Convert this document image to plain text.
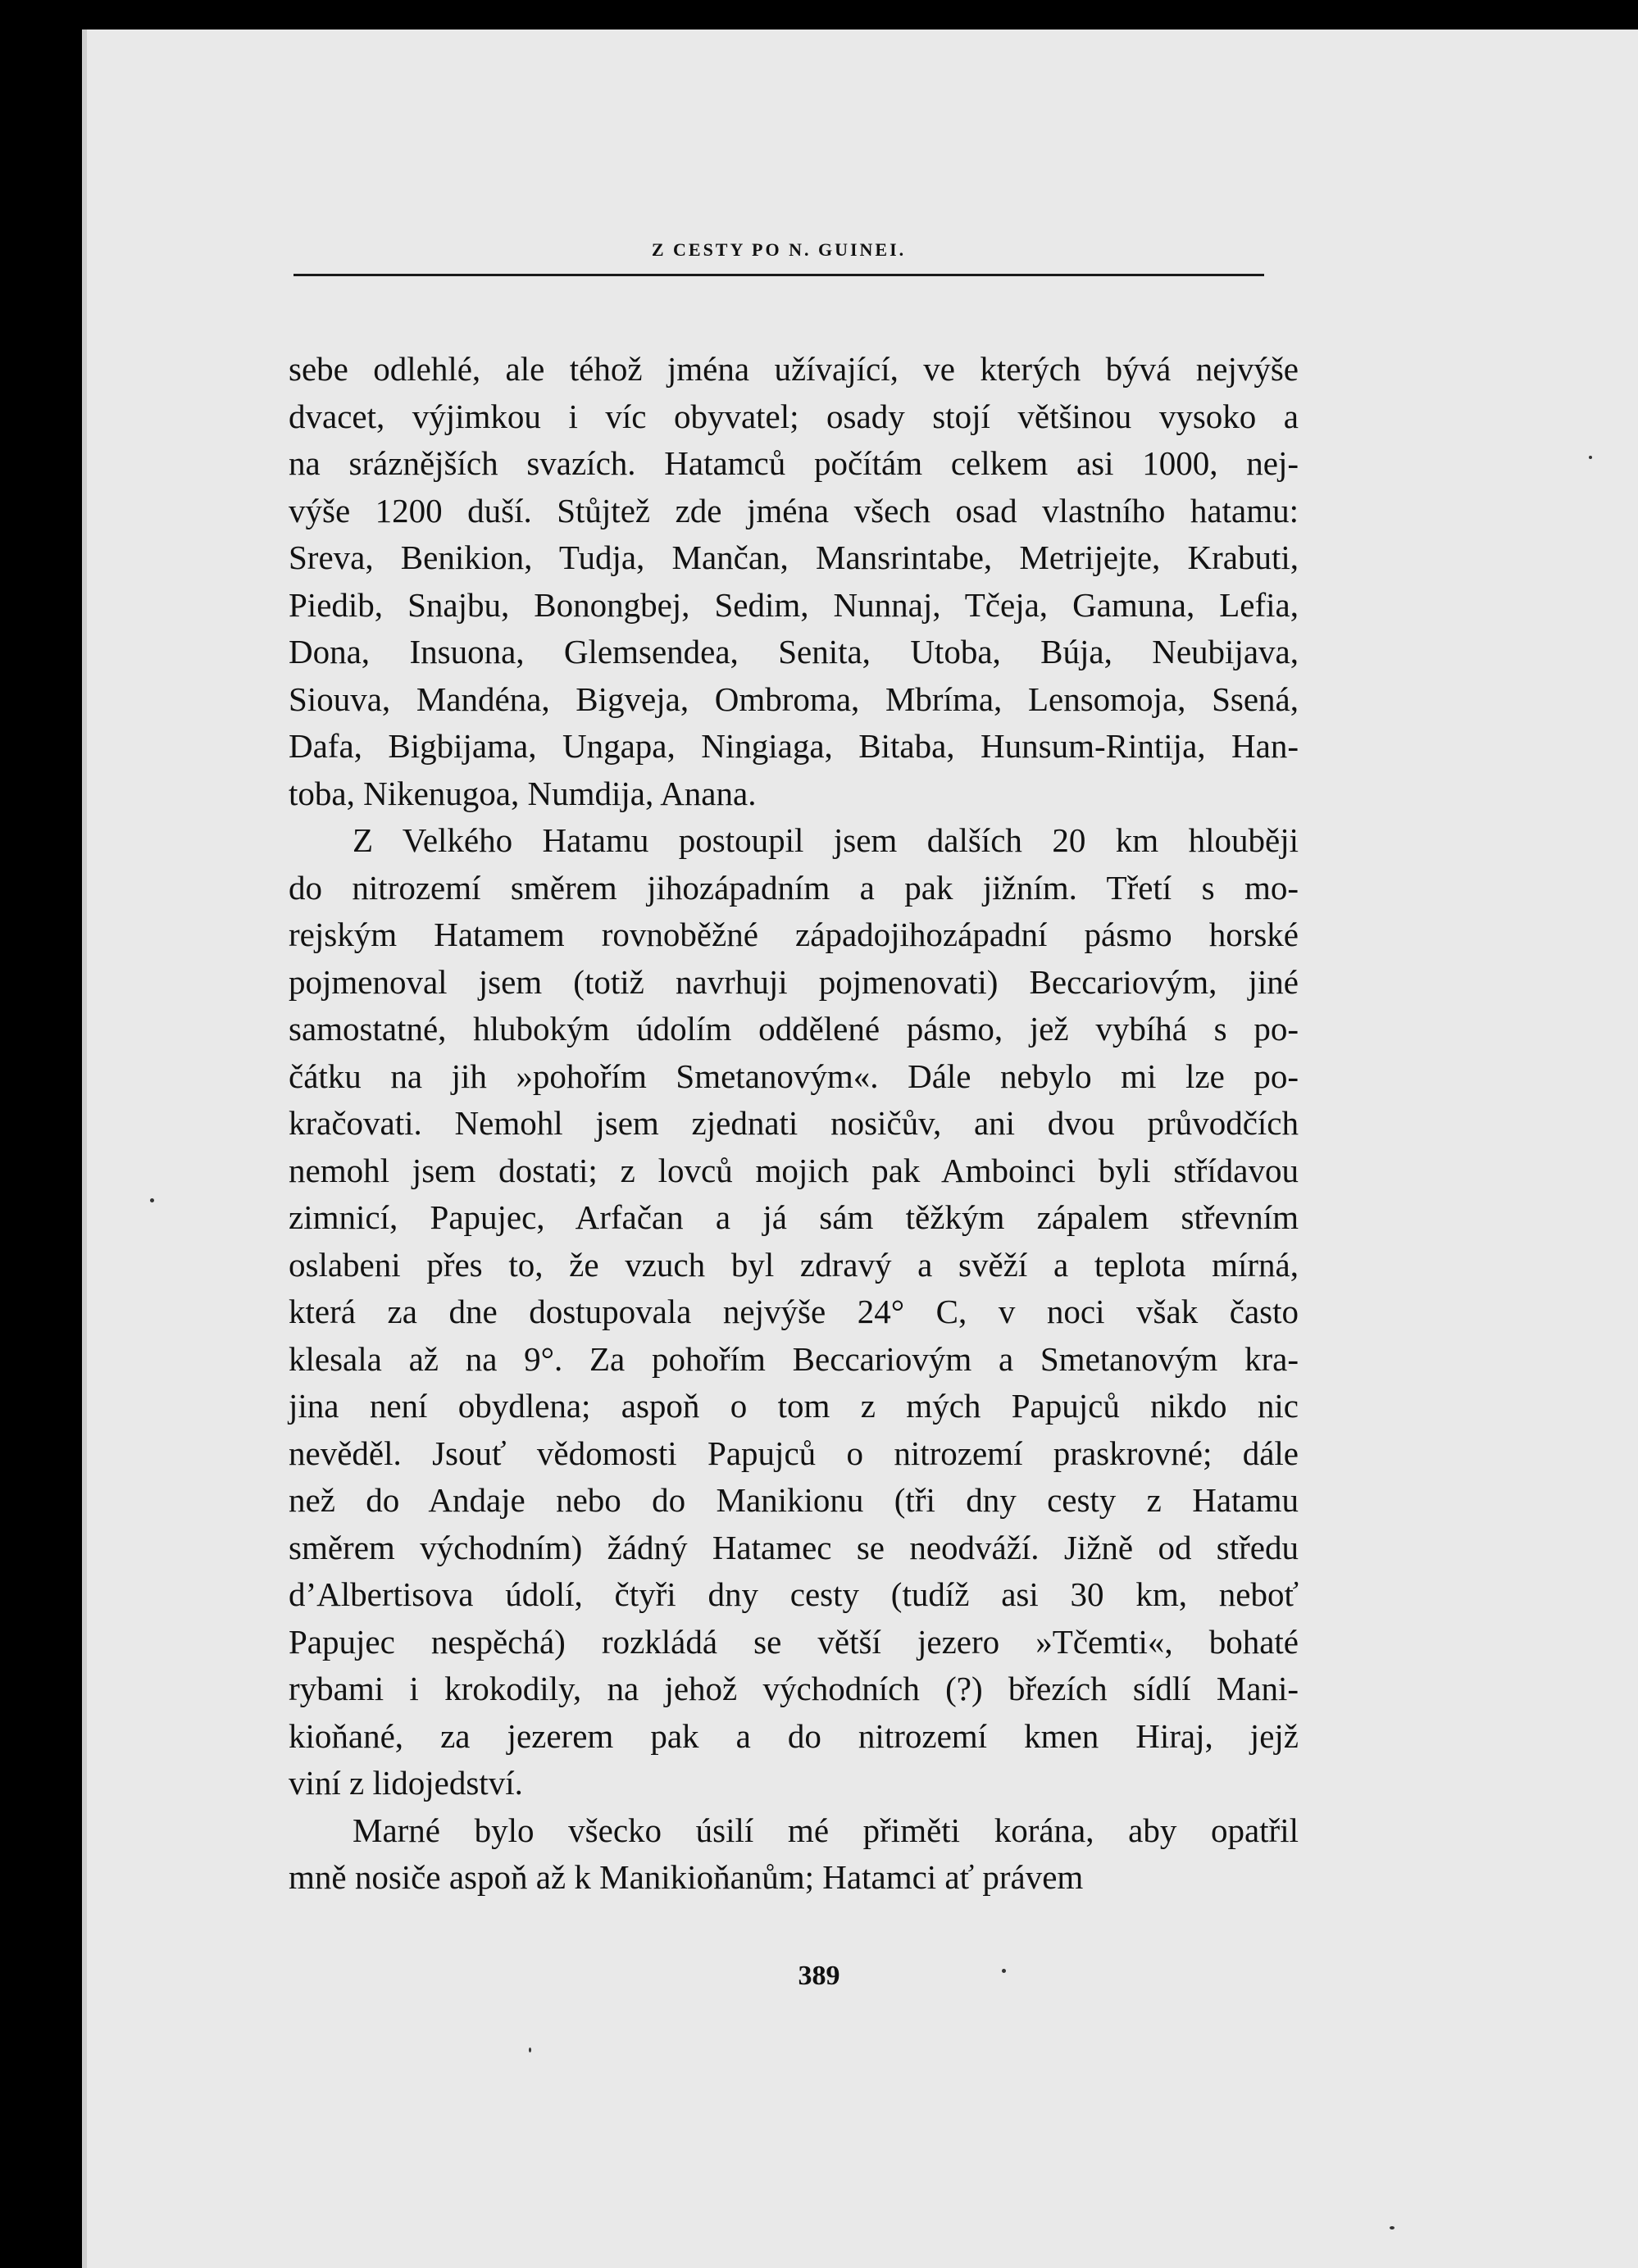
Z CESTY PO N. GUINEI.
sebe odlehlé, ale téhož jména užívající, ve kterých bývá nejvýše
dvacet, výjimkou i víc obyvatel; osady stojí většinou vysoko a
na sráznějších svazích. Hatamců počítám celkem asi 1000, nej-
výše 1200 duší. Stůjtež zde jména všech osad vlastního hatamu:
Sreva, Benikion, Tudja, Mančan, Mansrintabe, Metrijejte, Krabuti,
Piedib, Snajbu, Bonongbej, Sedim, Nunnaj, Tčeja, Gamuna, Lefia,
Dona, Insuona, Glemsendea, Senita, Utoba, Búja, Neubijava,
Siouva, Mandéna, Bigveja, Ombroma, Mbríma, Lensomoja, Ssená,
Dafa, Bigbijama, Ungapa, Ningiaga, Bitaba, Hunsum-Rintija, Han-
toba, Nikenugoa, Numdija, Anana.
Z Velkého Hatamu postoupil jsem dalších 20 km hlouběji
do nitrozemí směrem jihozápadním a pak jižním. Třetí s mo-
rejským Hatamem rovnoběžné západojihozápadní pásmo horské
pojmenoval jsem (totiž navrhuji pojmenovati) Beccariovým, jiné
samostatné, hlubokým údolím oddělené pásmo, jež vybíhá s po-
čátku na jih »pohořím Smetanovým«. Dále nebylo mi lze po-
kračovati. Nemohl jsem zjednati nosičův, ani dvou průvodčích
nemohl jsem dostati; z lovců mojich pak Amboinci byli střídavou
zimnicí, Papujec, Arfačan a já sám těžkým zápalem střevním
oslabeni přes to, že vzuch byl zdravý a svěží a teplota mírná,
která za dne dostupovala nejvýše 24° C, v noci však často
klesala až na 9°. Za pohořím Beccariovým a Smetanovým kra-
jina není obydlena; aspoň o tom z mých Papujců nikdo nic
nevěděl. Jsouť vědomosti Papujců o nitrozemí praskrovné; dále
než do Andaje nebo do Manikionu (tři dny cesty z Hatamu
směrem východním) žádný Hatamec se neodváží. Jižně od středu
d’Albertisova údolí, čtyři dny cesty (tudíž asi 30 km, neboť
Papujec nespěchá) rozkládá se větší jezero »Tčemti«, bohaté
rybami i krokodily, na jehož východních (?) březích sídlí Mani-
kioňané, za jezerem pak a do nitrozemí kmen Hiraj, jejž
viní z lidojedství.
Marné bylo všecko úsilí mé přiměti korána, aby opatřil
mně nosiče aspoň až k Manikioňanům; Hatamci ať právem
389
